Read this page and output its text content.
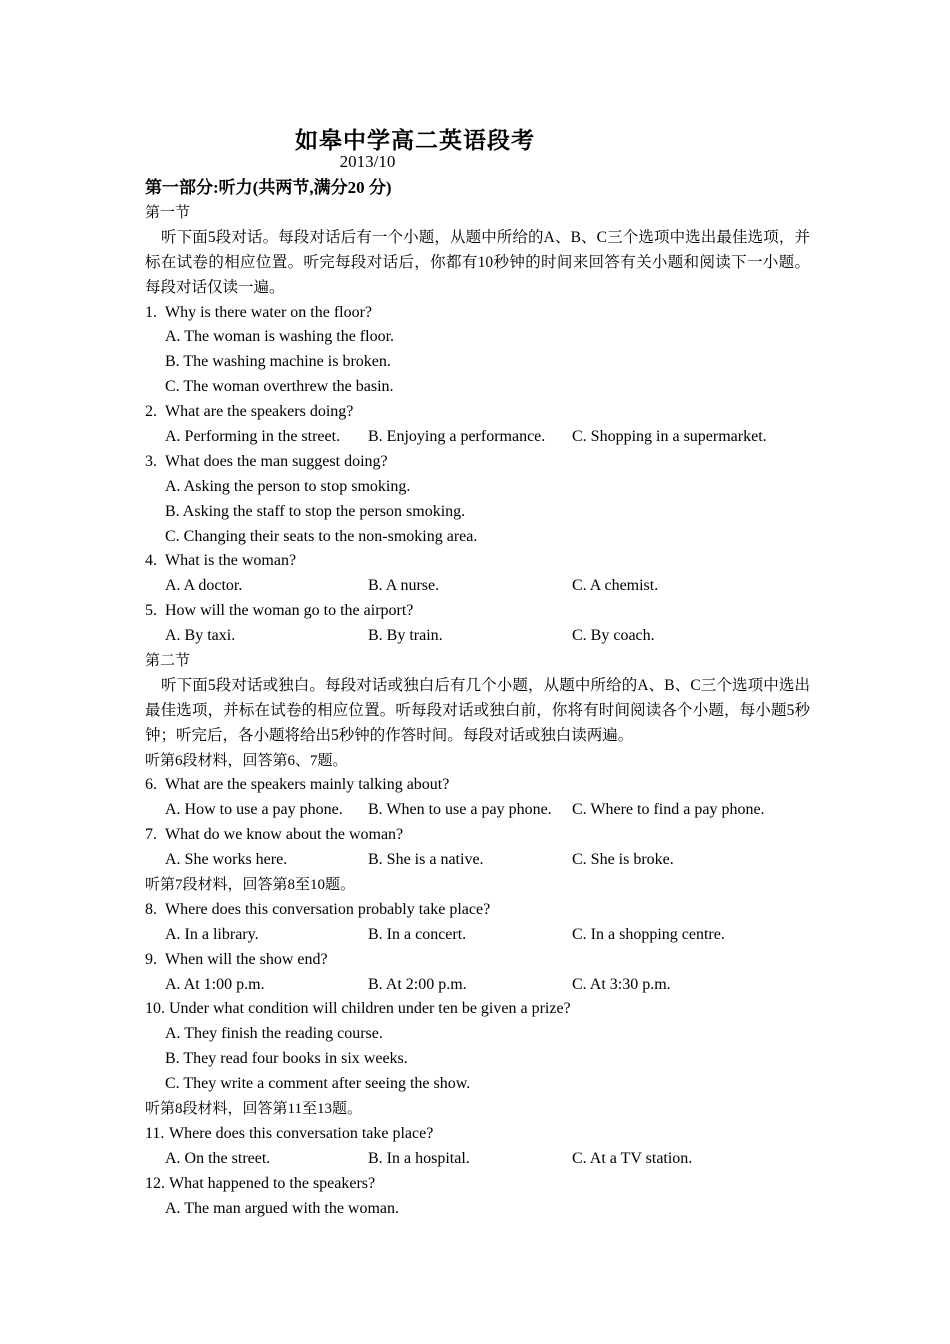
如皋中学高二英语段考
2013/10
第一部分:听力(共两节,满分20 分)
第一节
听下面5段对话。每段对话后有一个小题，从题中所给的A、B、C三个选项中选出最佳选项，并标在试卷的相应位置。听完每段对话后，你都有10秒钟的时间来回答有关小题和阅读下一小题。每段对话仅读一遍。
1. Why is there water on the floor?
A. The woman is washing the floor.
B. The washing machine is broken.
C. The woman overthrew the basin.
2. What are the speakers doing?
A. Performing in the street.	B. Enjoying a performance.	C. Shopping in a supermarket.
3. What does the man suggest doing?
A. Asking the person to stop smoking.
B. Asking the staff to stop the person smoking.
C. Changing their seats to the non-smoking area.
4. What is the woman?
A. A doctor.	B. A nurse.	C. A chemist.
5. How will the woman go to the airport?
A. By taxi.	B. By train.	C. By coach.
第二节
听下面5段对话或独白。每段对话或独白后有几个小题，从题中所给的A、B、C三个选项中选出最佳选项，并标在试卷的相应位置。听每段对话或独白前，你将有时间阅读各个小题，每小题5秒钟；听完后，各小题将给出5秒钟的作答时间。每段对话或独白读两遍。
听第6段材料，回答第6、7题。
6. What are the speakers mainly talking about?
A. How to use a pay phone.	B. When to use a pay phone.	C. Where to find a pay phone.
7. What do we know about the woman?
A. She works here.	B. She is a native.	C. She is broke.
听第7段材料，回答第8至10题。
8. Where does this conversation probably take place?
A. In a library.	B. In a concert.	C. In a shopping centre.
9. When will the show end?
A. At 1:00 p.m.	B. At 2:00 p.m.	C. At 3:30 p.m.
10. Under what condition will children under ten be given a prize?
A. They finish the reading course.
B. They read four books in six weeks.
C. They write a comment after seeing the show.
听第8段材料，回答第11至13题。
11. Where does this conversation take place?
A. On the street.	B. In a hospital.	C. At a TV station.
12. What happened to the speakers?
A. The man argued with the woman.
